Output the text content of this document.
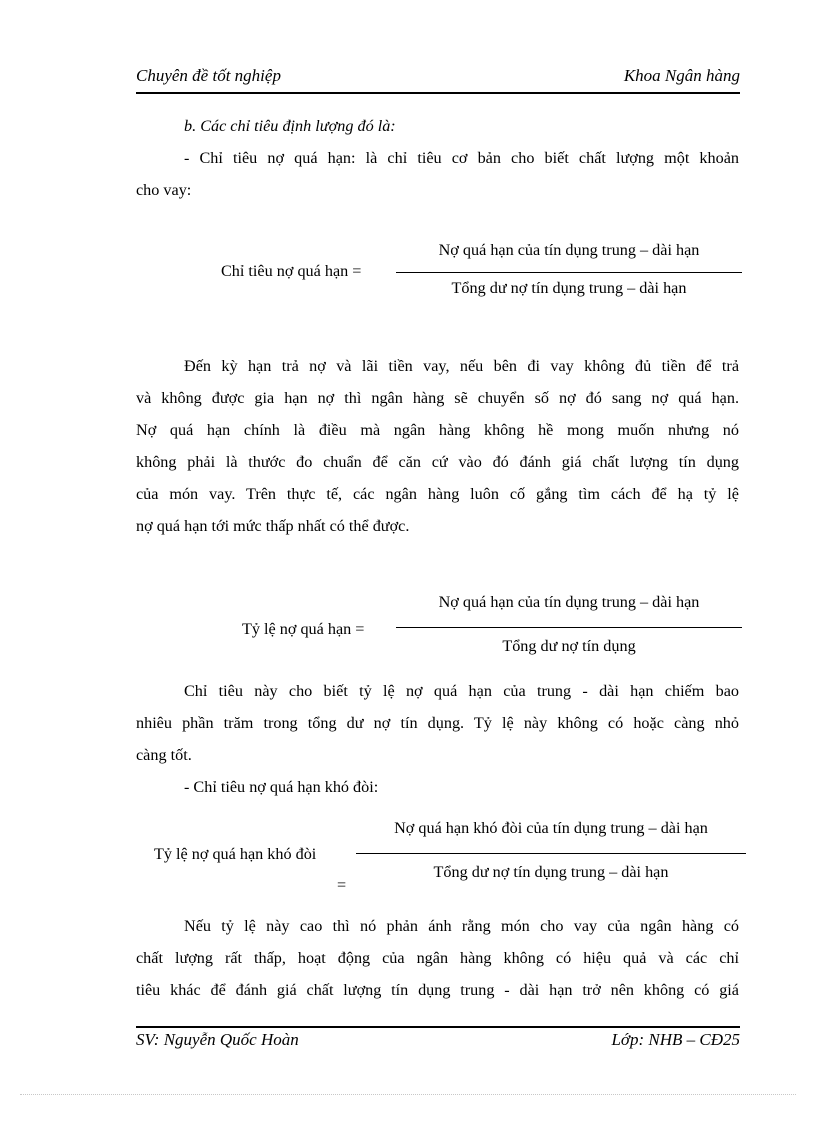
Chuyên đề tốt nghiệp	Khoa Ngân hàng
b. Các chỉ tiêu định lượng đó là:
- Chỉ tiêu nợ quá hạn: là chỉ tiêu cơ bản cho biết chất lượng một khoản
cho vay:
Chỉ tiêu nợ quá hạn =
Nợ quá hạn của tín dụng trung – dài hạn
Tổng dư nợ tín dụng trung – dài hạn
Đến kỳ hạn trả nợ và lãi tiền vay, nếu bên đi vay không đủ tiền để trả
và không được gia hạn nợ thì ngân hàng sẽ chuyển số nợ đó sang nợ quá hạn.
Nợ quá hạn chính là điều mà ngân hàng không hề mong muốn nhưng nó
không phải là thước đo chuẩn để căn cứ vào đó đánh giá chất lượng tín dụng
của món vay. Trên thực tế, các ngân hàng luôn cố gắng tìm cách để hạ tỷ lệ
nợ quá hạn tới mức thấp nhất có thể được.
Tỷ lệ nợ quá hạn =
Nợ quá hạn của tín dụng trung – dài hạn
Tổng dư nợ tín dụng
Chỉ tiêu này cho biết tỷ lệ nợ quá hạn của trung - dài hạn chiếm bao
nhiêu phần trăm trong tổng dư nợ tín dụng. Tỷ lệ này không có hoặc càng nhỏ
càng tốt.
- Chỉ tiêu nợ quá hạn khó đòi:
Tỷ lệ nợ quá hạn khó đòi
=
Nợ quá hạn khó đòi của tín dụng trung – dài hạn
Tổng dư nợ tín dụng trung – dài hạn
Nếu tỷ lệ này cao thì nó phản ánh rằng món cho vay của ngân hàng có
chất lượng rất thấp, hoạt động của ngân hàng không có hiệu quả và các chỉ
tiêu khác để đánh giá chất lượng tín dụng trung - dài hạn trở nên không có giá
SV: Nguyễn Quốc Hoàn	Lớp: NHB – CĐ25
